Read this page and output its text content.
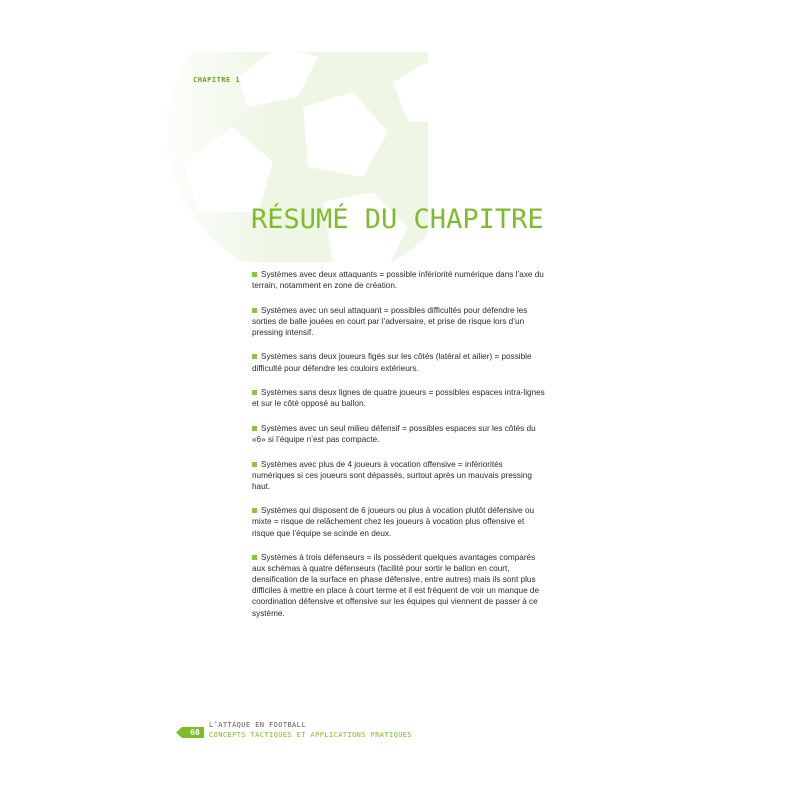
CHAPITRE 1
RÉSUMÉ DU CHAPITRE
Systèmes avec deux attaquants = possible infériorité numérique dans l’axe du terrain, notamment en zone de création.
Systèmes avec un seul attaquant = possibles difficultés pour défendre les sorties de balle jouées en court par l’adversaire, et prise de risque lors d’un pressing intensif.
Systèmes sans deux joueurs figés sur les côtés (latéral et ailier) = possible difficulté pour défendre les couloirs extérieurs.
Systèmes sans deux lignes de quatre joueurs = possibles espaces intra-lignes et sur le côté opposé au ballon.
Systèmes avec un seul milieu défensif = possibles espaces sur les côtés du «6» si l’équipe n’est pas compacte.
Systèmes avec plus de 4 joueurs à vocation offensive = infériorités numériques si ces joueurs sont dépassés, surtout après un mauvais pressing haut.
Systèmes qui disposent de 6 joueurs ou plus à vocation plutôt défensive ou mixte = risque de relâchement chez les joueurs à vocation plus offensive et risque que l’équipe se scinde en deux.
Systèmes à trois défenseurs = ils possèdent quelques avantages comparés aux schémas à quatre défenseurs (facilité pour sortir le ballon en court, densification de la surface en phase défensive, entre autres) mais ils sont plus difficiles à mettre en place à court terme et il est fréquent de voir un manque de coordination défensive et offensive sur les équipes qui viennent de passer à ce système.
60
L’ATTAQUE EN FOOTBALL
CONCEPTS TACTIQUES ET APPLICATIONS PRATIQUES
